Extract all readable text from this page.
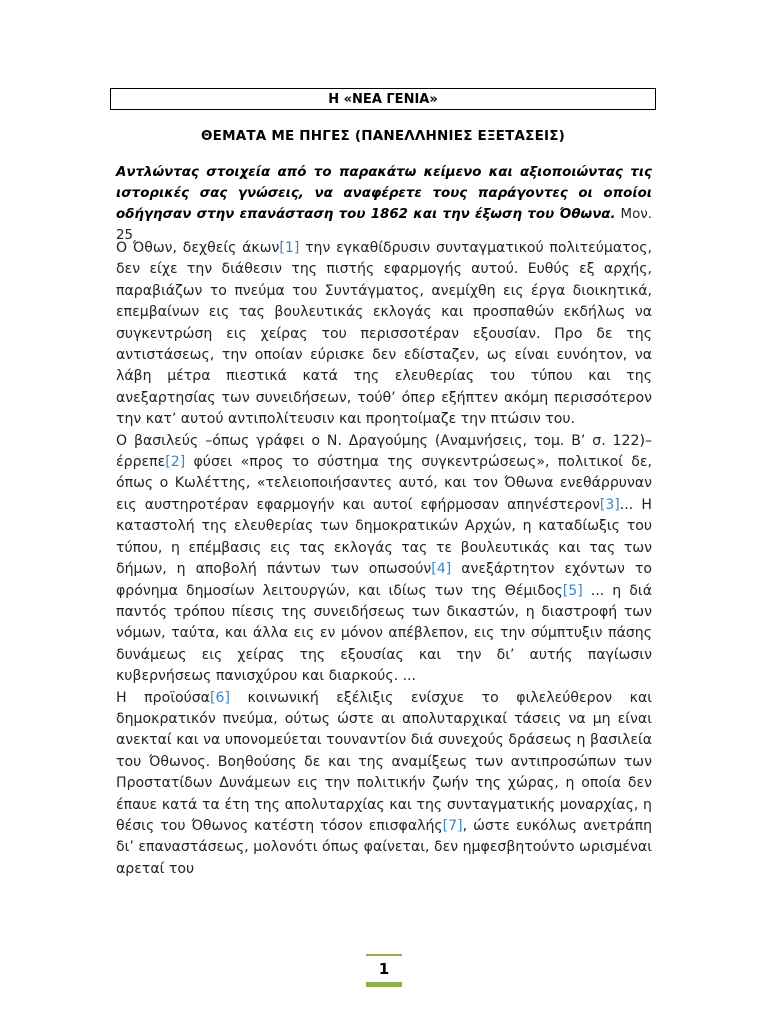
Η «ΝΕΑ ΓΕΝΙΑ»
ΘΕΜΑΤΑ ΜΕ ΠΗΓΕΣ (ΠΑΝΕΛΛΗΝΙΕΣ ΕΞΕΤΑΣΕΙΣ)
Αντλώντας στοιχεία από το παρακάτω κείμενο και αξιοποιώντας τις ιστορικές σας γνώσεις, να αναφέρετε τους παράγοντες οι οποίοι οδήγησαν στην επανάσταση του 1862 και την έξωση του Όθωνα. Μον. 25

Ο Όθων, δεχθείς άκων[1] την εγκαθίδρυσιν συνταγματικού πολιτεύματος, δεν είχε την διάθεσιν της πιστής εφαρμογής αυτού. Ευθύς εξ αρχής, παραβιάζων το πνεύμα του Συντάγματος, ανεμίχθη εις έργα διοικητικά, επεμβαίνων εις τας βουλευτικάς εκλογάς και προσπαθών εκδήλως να συγκεντρώση εις χείρας του περισσοτέραν εξουσίαν. Προ δε της αντιστάσεως, την οποίαν εύρισκε δεν εδίσταζεν, ως είναι ευνόητον, να λάβη μέτρα πιεστικά κατά της ελευθερίας του τύπου και της ανεξαρτησίας των συνειδήσεων, τούθ’ όπερ εξήπτεν ακόμη περισσότερον την κατ’ αυτού αντιπολίτευσιν και προητοίμαζε την πτώσιν του.

Ο βασιλεύς –όπως γράφει ο Ν. Δραγούμης (Αναμνήσεις, τομ. Β’ σ. 122)– έρρεπε[2] φύσει «προς το σύστημα της συγκεντρώσεως», πολιτικοί δε, όπως ο Κωλέττης, «τελειοποιήσαντες αυτό, και τον Όθωνα ενεθάρρυναν εις αυστηροτέραν εφαρμογήν και αυτοί εφήρμοσαν απηνέστερον[3]... Η καταστολή της ελευθερίας των δημοκρατικών Αρχών, η καταδίωξις του τύπου, η επέμβασις εις τας εκλογάς τας τε βουλευτικάς και τας των δήμων, η αποβολή πάντων των οπωσούν[4] ανεξάρτητον εχόντων το φρόνημα δημοσίων λειτουργών, και ιδίως των της Θέμιδος[5] ... η διά παντός τρόπου πίεσις της συνειδήσεως των δικαστών, η διαστροφή των νόμων, ταύτα, και άλλα εις εν μόνον απέβλεπον, εις την σύμπτυξιν πάσης δυνάμεως εις χείρας της εξουσίας και την δι’ αυτής παγίωσιν κυβερνήσεως πανισχύρου και διαρκούς. ...

Η προϊούσα[6] κοινωνική εξέλιξις ενίσχυε το φιλελεύθερον και δημοκρατικόν πνεύμα, ούτως ώστε αι απολυταρχικαί τάσεις να μη είναι ανεκταί και να υπονομεύεται τουναντίον διά συνεχούς δράσεως η βασιλεία του Όθωνος. Βοηθούσης δε και της αναμίξεως των αντιπροσώπων των Προστατίδων Δυνάμεων εις την πολιτικήν ζωήν της χώρας, η οποία δεν έπαυε κατά τα έτη της απολυταρχίας και της συνταγματικής μοναρχίας, η θέσις του Όθωνος κατέστη τόσον επισφαλής[7], ώστε ευκόλως ανετράπη δι’ επαναστάσεως, μολονότι όπως φαίνεται, δεν ημφεσβητούντο ωρισμέναι αρεταί του

1
